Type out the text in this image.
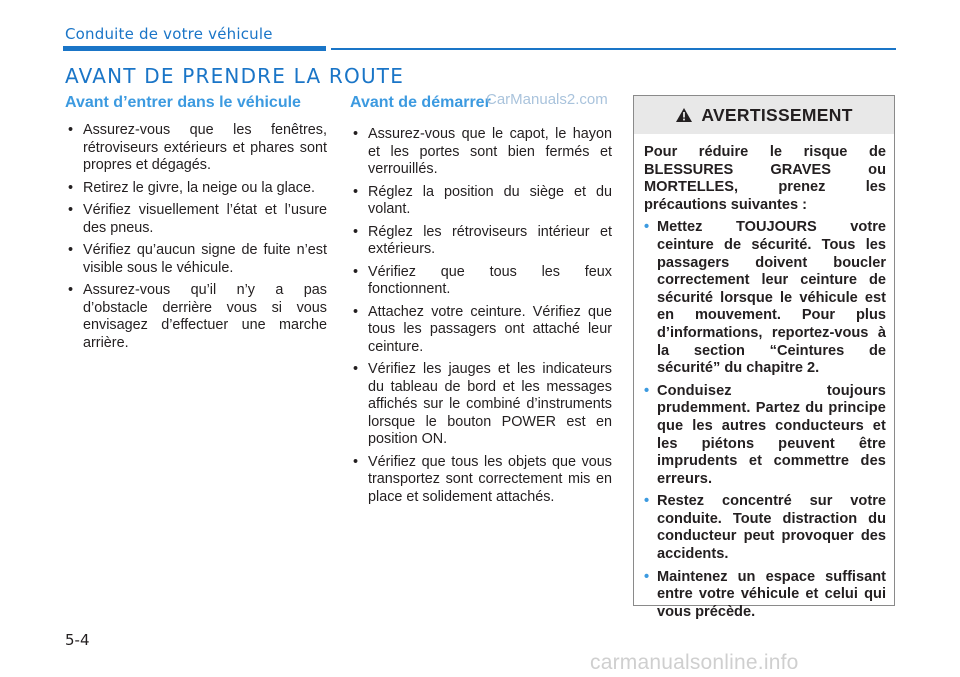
Conduite de votre véhicule
AVANT DE PRENDRE LA ROUTE
Avant d’entrer dans le véhicule
• Assurez-vous que les fenêtres, rétroviseurs extérieurs et phares sont propres et dégagés.
• Retirez le givre, la neige ou la glace.
• Vérifiez visuellement l’état et l’usure des pneus.
• Vérifiez qu’aucun signe de fuite n’est visible sous le véhicule.
• Assurez-vous qu’il n’y a pas d’obstacle derrière vous si vous envisagez d’effectuer une marche arrière.
Avant de démarrer
• Assurez-vous que le capot, le hayon et les portes sont bien fermés et verrouillés.
• Réglez la position du siège et du volant.
• Réglez les rétroviseurs intérieur et extérieurs.
• Vérifiez que tous les feux fonctionnent.
• Attachez votre ceinture. Vérifiez que tous les passagers ont attaché leur ceinture.
• Vérifiez les jauges et les indicateurs du tableau de bord et les messages affichés sur le combiné d’instruments lorsque le bouton POWER est en position ON.
• Vérifiez que tous les objets que vous transportez sont correctement mis en place et solidement attachés.
CarManuals2.com
AVERTISSEMENT
Pour réduire le risque de BLESSURES GRAVES ou MORTELLES, prenez les précautions suivantes :
• Mettez TOUJOURS votre ceinture de sécurité. Tous les passagers doivent boucler correctement leur ceinture de sécurité lorsque le véhicule est en mouvement. Pour plus d’informations, reportez-vous à la section “Ceintures de sécurité” du chapitre 2.
• Conduisez toujours prudemment. Partez du principe que les autres conducteurs et les piétons peuvent être imprudents et commettre des erreurs.
• Restez concentré sur votre conduite. Toute distraction du conducteur peut provoquer des accidents.
• Maintenez un espace suffisant entre votre véhicule et celui qui vous précède.
5-4
carmanualsonline.info
